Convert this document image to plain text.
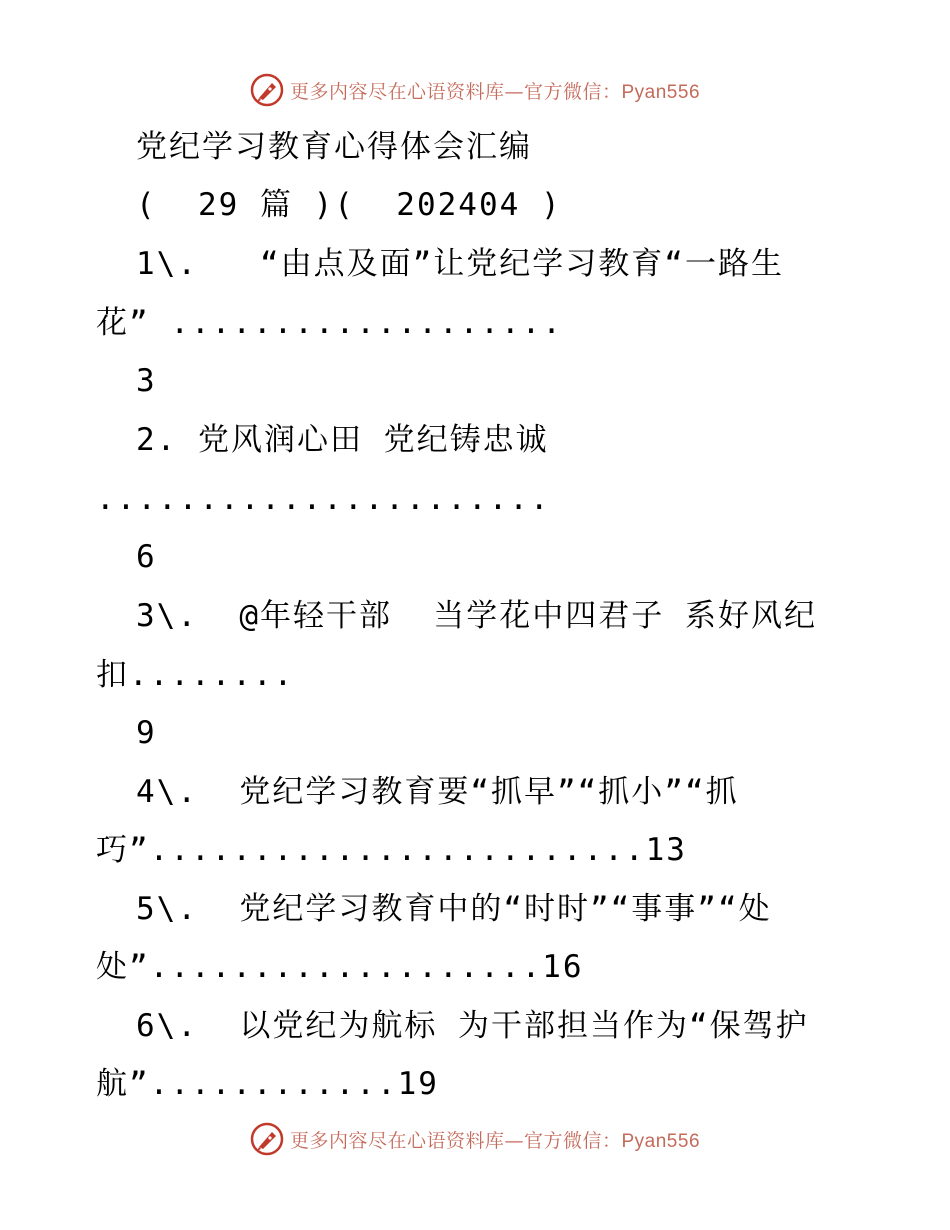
更多内容尽在心语资料库—官方微信：Pyan556
党纪学习教育心得体会汇编
(  29 篇 )(  202404 )
1\.   “由点及面”让党纪学习教育“一路生
花” ...................
3
2. 党风润心田 党纪铸忠诚
......................
6
3\.  @年轻干部  当学花中四君子 系好风纪
扣........
9
4\.  党纪学习教育要“抓早”“抓小”“抓
巧”........................13
5\.  党纪学习教育中的“时时”“事事”“处
处”...................16
6\.  以党纪为航标 为干部担当作为“保驾护
航”............19
更多内容尽在心语资料库—官方微信：Pyan556
